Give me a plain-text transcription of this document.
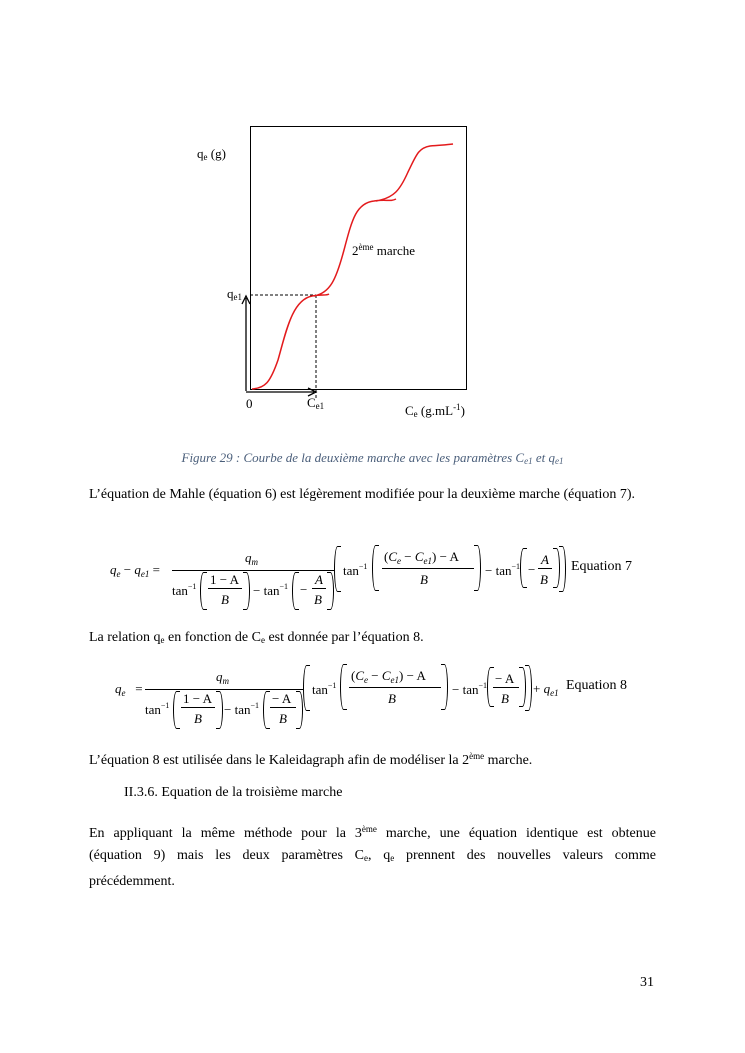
$q_e$ (g)
$q_{e1}$
0	$C_{e1}$	$C_e$ $(g.mL^{-1})$
2ème marche
Figure 29 : Courbe de la deuxième marche avec les paramètres $C_{e1}$ et $q_{e1}$
L’équation de Mahle (équation 6) est légèrement modifiée pour la deuxième marche (équation 7).
$q_e - q_{e1}$ =
$q_m$
$\tan^{-1} 1 - A$
B
− $\tan^{-1}$ −
A
B
$\tan^{-1}$
$(C_e - C_{e1}) - A$
B
− $\tan^{-1}$ −
A
B
Equation 7
La relation $q_e$ en fonction de $C_e$ est donnée par l’équation 8.
$q_e$ =
$q_m$
$\tan^{-1} 1 - A$
B
− $\tan^{-1} - A$
B
$\tan^{-1}$
$(C_e - C_{e1}) - A$
B
− $\tan^{-1} - A$
B
+ $q_{e1}$ Equation 8
L’équation 8 est utilisée dans le Kaleidagraph afin de modéliser la 2ème marche.
II.3.6. Equation de la troisième marche
En appliquant la même méthode pour la 3ème marche, une équation identique est obtenue
(équation 9) mais les deux paramètres $C_e$, $q_e$ prennent des nouvelles valeurs comme
précédemment.
31
